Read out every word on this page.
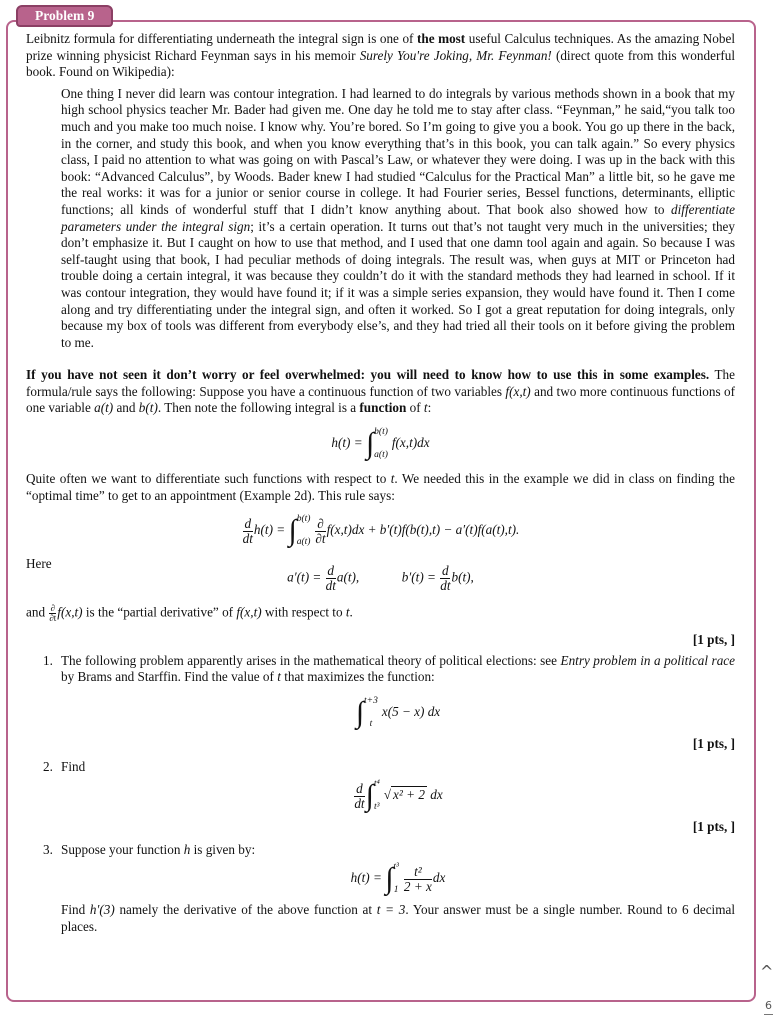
Problem 9

Leibnitz formula for differentiating underneath the integral sign is one of the most useful Calculus techniques. As the amazing Nobel prize winning physicist Richard Feynman says in his memoir Surely You're Joking, Mr. Feynman! (direct quote from this wonderful book. Found on Wikipedia):

One thing I never did learn was contour integration. I had learned to do integrals by various methods shown in a book that my high school physics teacher Mr. Bader had given me. One day he told me to stay after class. “Feynman,” he said,“you talk too much and you make too much noise. I know why. You’re bored. So I’m going to give you a book. You go up there in the back, in the corner, and study this book, and when you know everything that’s in this book, you can talk again.” So every physics class, I paid no attention to what was going on with Pascal’s Law, or whatever they were doing. I was up in the back with this book: “Advanced Calculus”, by Woods. Bader knew I had studied “Calculus for the Practical Man” a little bit, so he gave me the real works: it was for a junior or senior course in college. It had Fourier series, Bessel functions, determinants, elliptic functions; all kinds of wonderful stuff that I didn’t know anything about. That book also showed how to differentiate parameters under the integral sign; it’s a certain operation. It turns out that’s not taught very much in the universities; they don’t emphasize it. But I caught on how to use that method, and I used that one damn tool again and again. So because I was self-taught using that book, I had peculiar methods of doing integrals. The result was, when guys at MIT or Princeton had trouble doing a certain integral, it was because they couldn’t do it with the standard methods they had learned in school. If it was contour integration, they would have found it; if it was a simple series expansion, they would have found it. Then I come along and try differentiating under the integral sign, and often it worked. So I got a great reputation for doing integrals, only because my box of tools was different from everybody else’s, and they had tried all their tools on it before giving the problem to me.

If you have not seen it don’t worry or feel overwhelmed: you will need to know how to use this in some examples. The formula/rule says the following: Suppose you have a continuous function of two variables f(x,t) and two more continuous functions of one variable a(t) and b(t). Then note the following integral is a function of t:

h(t) = ∫ b(t)
a(t)
f(x,t)dx

Quite often we want to differentiate such functions with respect to t. We needed this in the example we did in class on finding the “optimal time” to get to an appointment (Example 2d). This rule says:

$\frac{d}{dt} h(t)$ = ∫ b(t)
$a(t) \frac{\partial}{\partial t} f(x,t)dx + b'(t)f(b(t),t) - a'(t)f(a(t),t)$.
Here
$a'(t) = \frac{d}{dt} a(t)$,	$b'(t) = \frac{d}{dt} b(t)$,

and $\frac{\partial}{\partial t} f(x,t)$ is the “partial derivative” of f(x,t) with respect to t.

[1 pts, ]
1. The following problem apparently arises in the mathematical theory of political elections: see Entry problem in a political race by Brams and Starffin. Find the value of t that maximizes the function:

∫ t+3
t
x(5 − x) dx
[1 pts, ]
2. Find

$\frac{d}{dt}$ ∫ t⁴
t³
√ x² + 2 dx
[1 pts, ]
3. Suppose your function h is given by:

h(t) = ∫ t³
$1 \frac{\text{t²}}{2 + x}$ dx

Find h′(3) namely the derivative of the above function at t = 3. Your answer must be a single number. Round to 6 decimal places.

^
6
